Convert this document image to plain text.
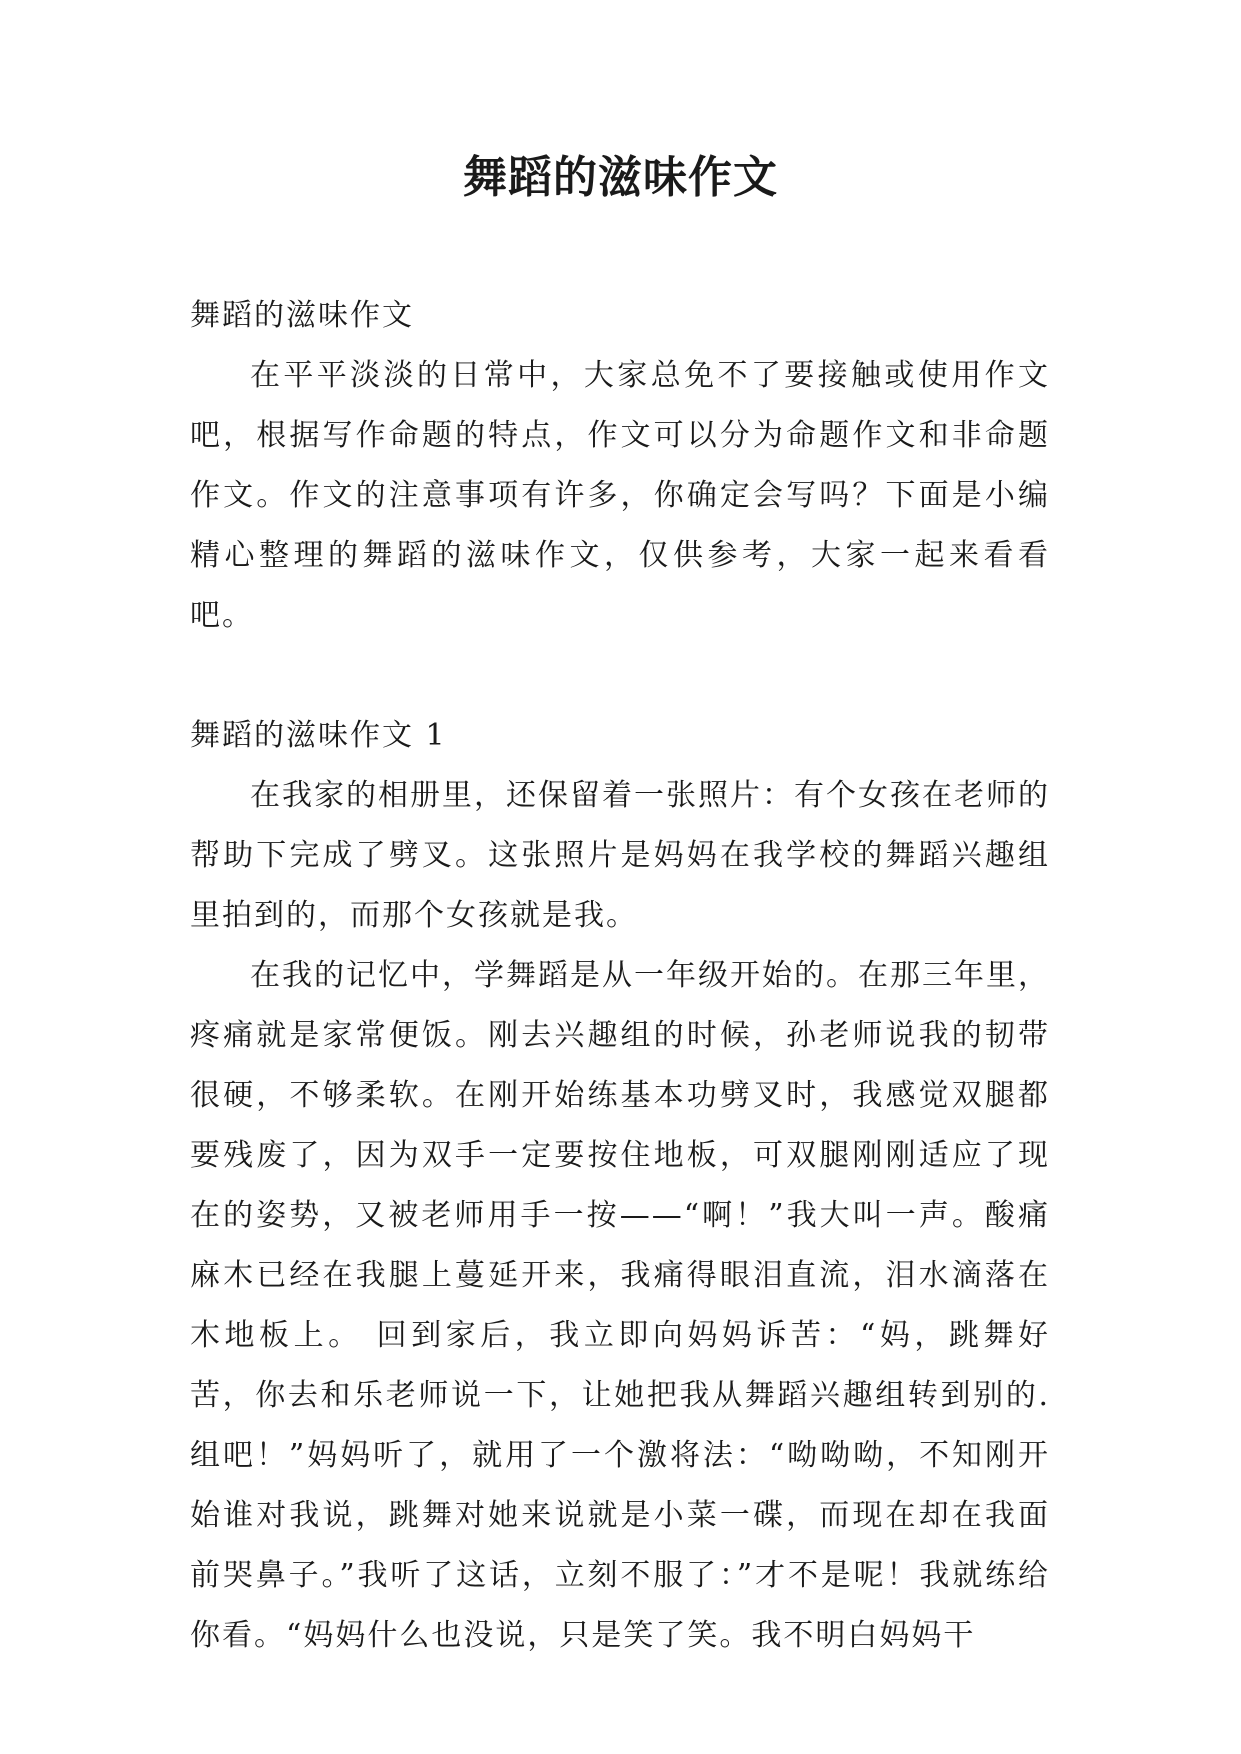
舞蹈的滋味作文

舞蹈的滋味作文

在平平淡淡的日常中，大家总免不了要接触或使用作文吧，根据写作命题的特点，作文可以分为命题作文和非命题作文。作文的注意事项有许多，你确定会写吗？下面是小编精心整理的舞蹈的滋味作文，仅供参考，大家一起来看看吧。

舞蹈的滋味作文 1

在我家的相册里，还保留着一张照片：有个女孩在老师的帮助下完成了劈叉。这张照片是妈妈在我学校的舞蹈兴趣组里拍到的，而那个女孩就是我。

在我的记忆中，学舞蹈是从一年级开始的。在那三年里，疼痛就是家常便饭。刚去兴趣组的时候，孙老师说我的韧带很硬，不够柔软。在刚开始练基本功劈叉时，我感觉双腿都要残废了，因为双手一定要按住地板，可双腿刚刚适应了现在的姿势，又被老师用手一按——“啊！”我大叫一声。酸痛麻木已经在我腿上蔓延开来，我痛得眼泪直流，泪水滴落在木地板上。 回到家后，我立即向妈妈诉苦：“妈，跳舞好苦，你去和乐老师说一下，让她把我从舞蹈兴趣组转到别的.组吧！”妈妈听了，就用了一个激将法：“呦呦呦，不知刚开始谁对我说，跳舞对她来说就是小菜一碟，而现在却在我面前哭鼻子。”我听了这话，立刻不服了：”才不是呢！我就练给你看。“妈妈什么也没说，只是笑了笑。我不明白妈妈干
